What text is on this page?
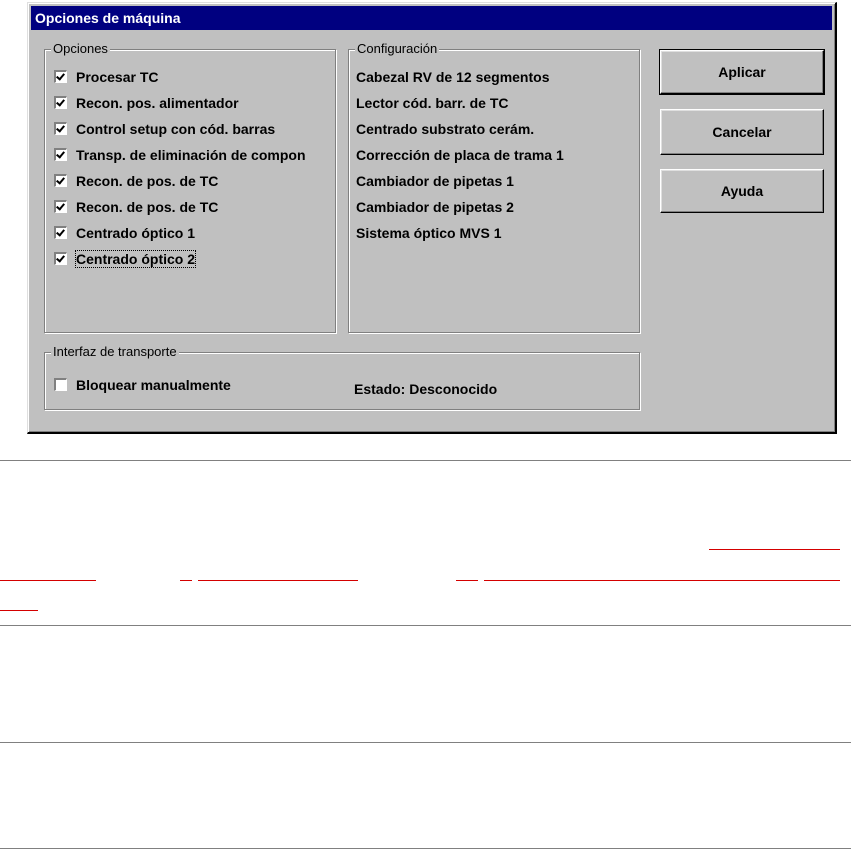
Opciones de máquina
Opciones
Procesar TC
Recon. pos. alimentador
Control setup con cód. barras
Transp. de eliminación de compon
Recon. de pos. de TC
Recon. de pos. de TC
Centrado óptico 1
Centrado óptico 2
Configuración
Cabezal RV de 12 segmentos
Lector cód. barr. de TC
Centrado substrato cerám.
Corrección de placa de trama 1
Cambiador de pipetas 1
Cambiador de pipetas 2
Sistema óptico MVS 1
Aplicar
Cancelar
Ayuda
Interfaz de transporte
Bloquear manualmente	Estado: Desconocido
